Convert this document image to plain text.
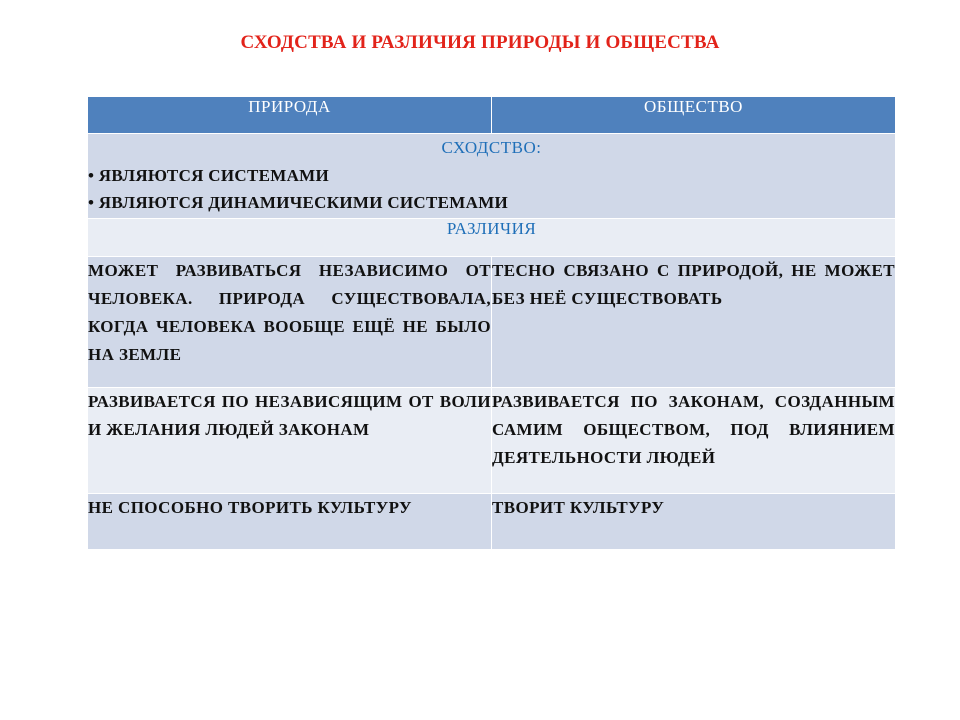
СХОДСТВА И РАЗЛИЧИЯ ПРИРОДЫ И ОБЩЕСТВА
ПРИРОДА	ОБЩЕСТВО

СХОДСТВО:
• ЯВЛЯЮТСЯ СИСТЕМАМИ
• ЯВЛЯЮТСЯ ДИНАМИЧЕСКИМИ СИСТЕМАМИ	

РАЗЛИЧИЯ	
МОЖЕТ РАЗВИВАТЬСЯ НЕЗАВИСИМО ОТ ЧЕЛОВЕКА. ПРИРОДА СУЩЕСТВОВАЛА, КОГДА ЧЕЛОВЕКА ВООБЩЕ ЕЩЁ НЕ БЫЛО НА ЗЕМЛЕ	ТЕСНО СВЯЗАНО С ПРИРОДОЙ, НЕ МОЖЕТ БЕЗ НЕЁ СУЩЕСТВОВАТЬ
РАЗВИВАЕТСЯ ПО НЕЗАВИСЯЩИМ ОТ ВОЛИ И ЖЕЛАНИЯ ЛЮДЕЙ ЗАКОНАМ	РАЗВИВАЕТСЯ ПО ЗАКОНАМ, СОЗДАННЫМ САМИМ ОБЩЕСТВОМ, ПОД ВЛИЯНИЕМ ДЕЯТЕЛЬНОСТИ ЛЮДЕЙ
НЕ СПОСОБНО ТВОРИТЬ КУЛЬТУРУ	ТВОРИТ КУЛЬТУРУ
